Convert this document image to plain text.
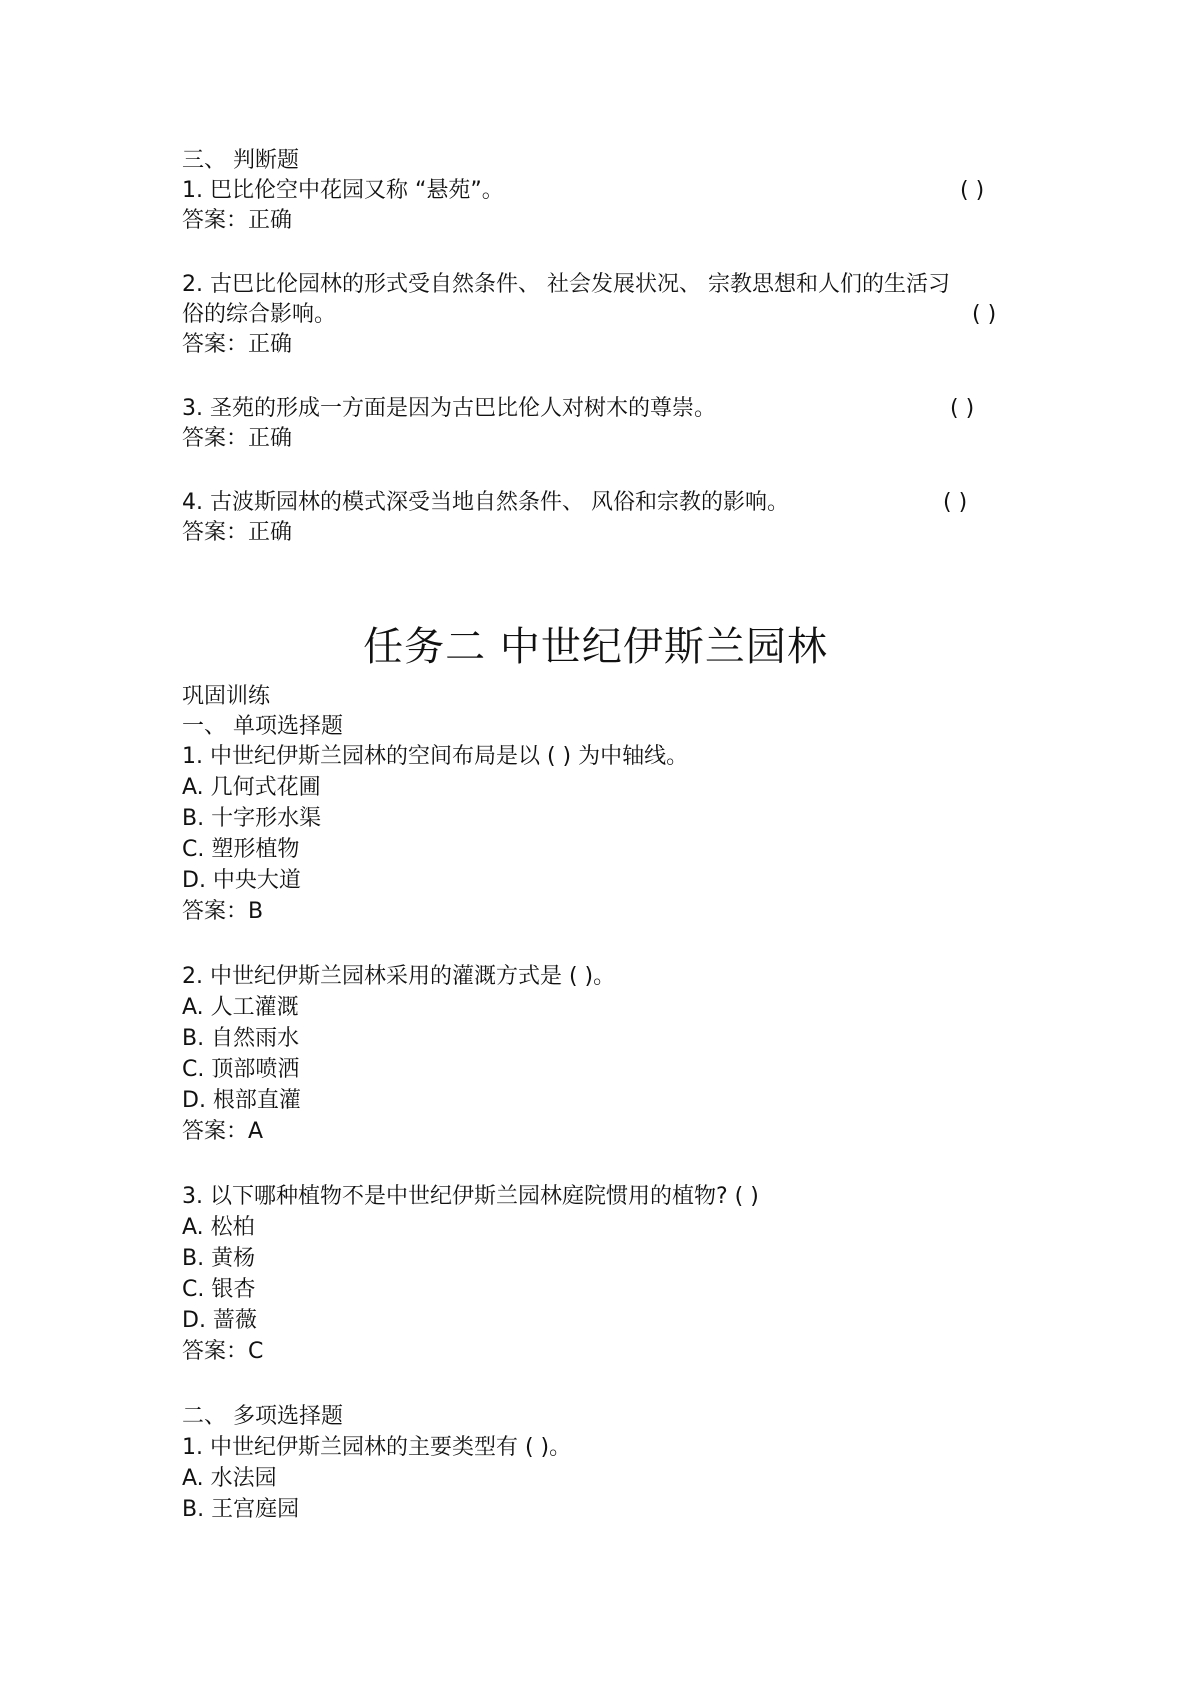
三、 判断题
1. 巴比伦空中花园又称 “悬苑”。	( )
答案：正确
2. 古巴比伦园林的形式受自然条件、 社会发展状况、 宗教思想和人们的生活习
俗的综合影响。	( )
答案：正确
3. 圣苑的形成一方面是因为古巴比伦人对树木的尊崇。	( )
答案：正确
4. 古波斯园林的模式深受当地自然条件、 风俗和宗教的影响。	( )
答案：正确
任务二 中世纪伊斯兰园林
巩固训练
一、 单项选择题
1. 中世纪伊斯兰园林的空间布局是以 ( ) 为中轴线。
A. 几何式花圃
B. 十字形水渠
C. 塑形植物
D. 中央大道
答案：B
2. 中世纪伊斯兰园林采用的灌溉方式是 ( )。
A. 人工灌溉
B. 自然雨水
C. 顶部喷洒
D. 根部直灌
答案：A
3. 以下哪种植物不是中世纪伊斯兰园林庭院惯用的植物? ( )
A. 松柏
B. 黄杨
C. 银杏
D. 蔷薇
答案：C
二、 多项选择题
1. 中世纪伊斯兰园林的主要类型有 ( )。
A. 水法园
B. 王宫庭园
